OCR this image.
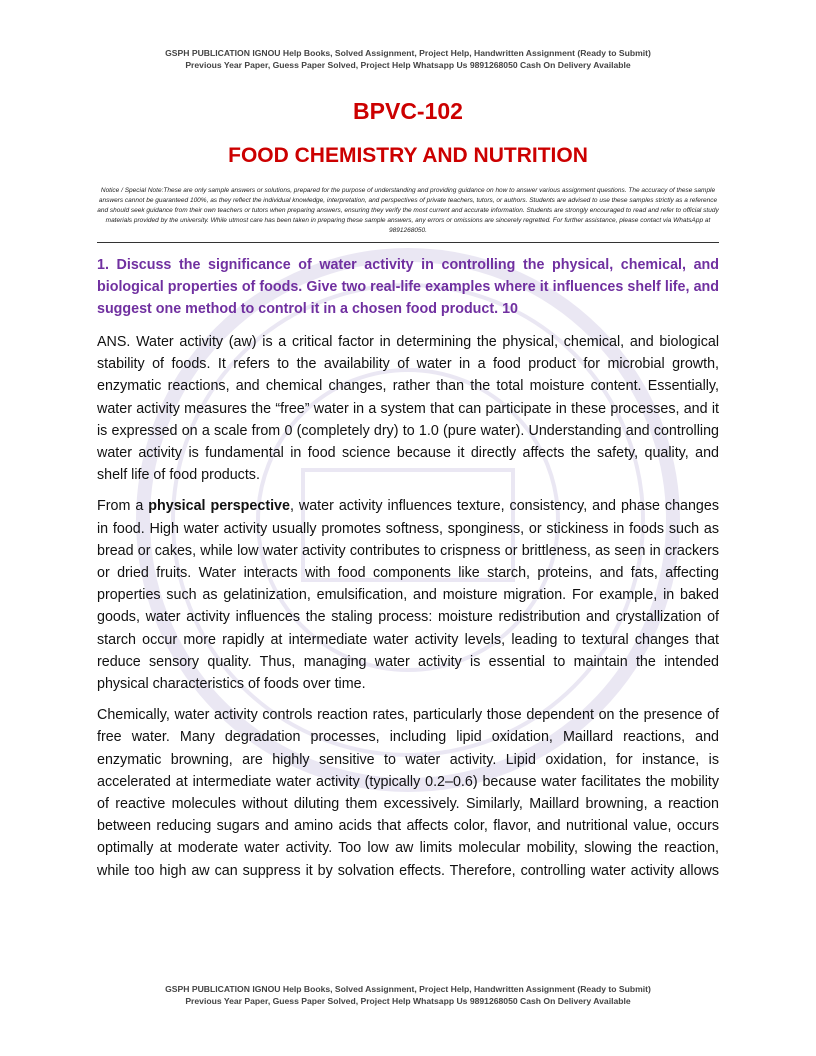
GSPH PUBLICATION IGNOU Help Books, Solved Assignment, Project Help, Handwritten Assignment (Ready to Submit)
Previous Year Paper, Guess Paper Solved, Project Help Whatsapp Us 9891268050 Cash On Delivery Available
BPVC-102
FOOD CHEMISTRY AND NUTRITION
Notice / Special Note:These are only sample answers or solutions, prepared for the purpose of understanding and providing guidance on how to answer various assignment questions. The accuracy of these sample answers cannot be guaranteed 100%, as they reflect the individual knowledge, interpretation, and perspectives of private teachers, tutors, or authors. Students are advised to use these samples strictly as a reference and should seek guidance from their own teachers or tutors when preparing answers, ensuring they verify the most current and accurate information. Students are strongly encouraged to read and refer to official study materials provided by the university. While utmost care has been taken in preparing these sample answers, any errors or omissions are sincerely regretted. For further assistance, please contact via WhatsApp at 9891268050.

1. Discuss the significance of water activity in controlling the physical, chemical, and biological properties of foods. Give two real-life examples where it influences shelf life, and suggest one method to control it in a chosen food product. 10

ANS. Water activity (aw) is a critical factor in determining the physical, chemical, and biological stability of foods. It refers to the availability of water in a food product for microbial growth, enzymatic reactions, and chemical changes, rather than the total moisture content. Essentially, water activity measures the “free” water in a system that can participate in these processes, and it is expressed on a scale from 0 (completely dry) to 1.0 (pure water). Understanding and controlling water activity is fundamental in food science because it directly affects the safety, quality, and shelf life of food products.

From a physical perspective, water activity influences texture, consistency, and phase changes in food. High water activity usually promotes softness, sponginess, or stickiness in foods such as bread or cakes, while low water activity contributes to crispness or brittleness, as seen in crackers or dried fruits. Water interacts with food components like starch, proteins, and fats, affecting properties such as gelatinization, emulsification, and moisture migration. For example, in baked goods, water activity influences the staling process: moisture redistribution and crystallization of starch occur more rapidly at intermediate water activity levels, leading to textural changes that reduce sensory quality. Thus, managing water activity is essential to maintain the intended physical characteristics of foods over time.

Chemically, water activity controls reaction rates, particularly those dependent on the presence of free water. Many degradation processes, including lipid oxidation, Maillard reactions, and enzymatic browning, are highly sensitive to water activity. Lipid oxidation, for instance, is accelerated at intermediate water activity (typically 0.2–0.6) because water facilitates the mobility of reactive molecules without diluting them excessively. Similarly, Maillard browning, a reaction between reducing sugars and amino acids that affects color, flavor, and nutritional value, occurs optimally at moderate water activity. Too low aw limits molecular mobility, slowing the reaction, while too high aw can suppress it by solvation effects. Therefore, controlling water activity allows

GSPH PUBLICATION IGNOU Help Books, Solved Assignment, Project Help, Handwritten Assignment (Ready to Submit)
Previous Year Paper, Guess Paper Solved, Project Help Whatsapp Us 9891268050 Cash On Delivery Available
